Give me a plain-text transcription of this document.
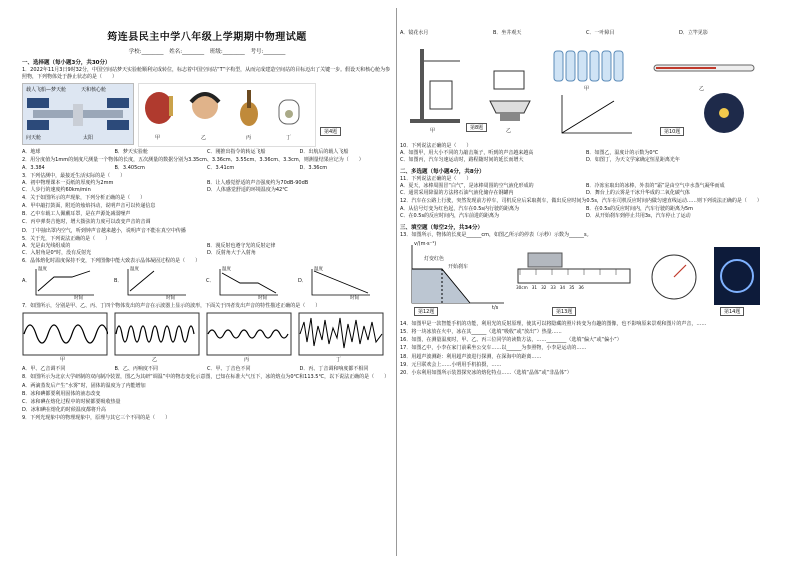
筠连县民主中学八年级上学期期中物理试题
学校:________ 姓名:________ 班级:________ 考号:________
一、选择题（每小题3分，共30分）
1．2022年11月3日9时32分，中国空间站梦天实验舱顺利完成转位，标志着中国空间站“T”字构型，从而完成建造空间站的目标迈出了关键一步。假设天和核心舱为参照物，下列物体处于静止状态的是（　　）
载人飞船—梦天舱	天和核心舱
问天舱	太阳	甲	乙	丙	丁
第4题
A．地球	B．梦天实验舱	C．刚推出指令的转运飞船	D．出航后的载人飞船
2．用分度值为1mm的刻度尺测量一个物体的长度，五次测量的数据分别为3.35cm、3.36cm、3.55cm、3.36cm、3.3cm，则测量结果应记为（　　）
A．3.384	B．3.405cm	C．3.41cm	D．3.36cm
3．下列估测中，最接近生活实际的是（　　）
A．初中物理课本一页纸的厚度约为2mm	B．让人感觉舒适的声音强度约为70dB-90dB
C．人步行的速度约60km/min	D．人体感觉舒适的环境温度为42℃
4．关于如图所示的声现象，下列分析正确的是（　　）
A．甲中敲打鼓面，附近的烛焰抖动，说明声音可以传递信息
B．乙中车载工人佩戴耳罩，是在声源处减弱噪声
C．丙中弹奏吉他时，增大拨弦的力度可以改变声音的音调
D．丁中抽出罩内空气，听到钟声音越来越小，说明声音不能在真空中传播
5．关于光，下列说法正确的是（　　）
A．光是由光线组成的	B．漫反射也遵守光的反射定律
C．入射角是0°时，没有反射光	D．反射角大于入射角
6．晶体熔化时温度保持不变，下列图像中能大致表示晶体凝固过程的是（　　）
A．
温度
时间
B．
温度
时间
C．
温度
时间
D．
温度
时间
7．如图所示，分别是甲、乙、丙、丁四个物体发出的声音在示波器上显示的波形，下面关于四者发出声音的特性描述正确的是（　　）
甲	乙	丙	丁
A．甲、乙音调不同	B．乙、丙响度不同	C．甲、丁音色不同	D．丙、丁音调和响度都不相同
8．如图所示为北京大学研制的双向制冷装置，图乙为其研“调温”中的物态变化示意图，已知在标准大气压下，冰的熔点为0℃和113.5℃，以下说法正确的是（　　）
A．两滴蒸发后产生“水雾”时，固体的温度为了内能增加
B．冰和碘都要利用固体的液态改变
C．冰和碘在熔化过程中的时候都要吸收热量
D．冰和碘在熔化的时候温度都将升高
9．下列光现象中的物理现象中，原理与其它三个不同的是（　　）
A．镜花水月	B．坐井观天	C．一叶障目	D．立竿见影
甲	乙
第8题
甲	乙
第10题
10．下列说法正确的是（　　）
A．如图甲，用大小不同的力敲击瓶子，听到的声音越来越高	B．如图乙，温度计的示数为0℃
C．如图丙，汽车匀速运动时，路程随时间的延长而增大	D．如图丁，为天文学家确定恒星距离光年
二、多选题（每小题4分，共8分）
11．下列说法正确的是（　　）
A．夏天，冰棒周围冒“白气”，是冰棒周围的空气液化形成的	B．冷冻室取出的冰棒，外表的“霜”是由空气中水蒸气凝华而成
C．通常采用降温的方法将石油气液化储存在钢罐内	D．舞台上的云雾是干冰升华成的二氧化碳气体
12．汽车在公路上行驶，突然发现前方停车，司机反应后采取刹车，做出反应时间为0.5s，汽车在司机反应时间内做匀速直线运动……则下列说法正确的是（　　）
A．从信号灯变为红色起，汽车在0.5s内行驶的距离为	B．在0.5s的反应时间内，汽车行驶的距离为5m
C．在0.5s的反应时间内，汽车前进的距离为	D．从开始刹车到停止共用3s，汽车停止了运动
三、填空题（每空2分，共34分）
13．如图所示，物体的长度是______cm，如图乙所示的停表（示秒）示数为______s。
v/(m·s⁻¹)
t/s
灯变红色
开始刹车
第12题
30cm 31 32 33 34 35 36
第13题	第14题
14．如图甲是一款智能手机的功能，利用光的反射原理，使其可以将隐藏的照片转变为有趣的图像，也不影响原来景观和图片的声音，……
15．将一块冰放在火中，冰在其______（选填“吸收”或“放出”）热量……
16．如图，在测量温度时，甲、乙、丙三位同学的读数方法，……________（选填“偏大”或“偏小”）
17．如图乙中，小李在家门前乘坐公交车……以______为参照物，小李是运动的……
18．用超声波测距：利用超声波进行探测，在深海中的距离……
19．元旦联欢会上……小明用手机拍摄，……
20．小东利用如图所示装置探究冰的熔化特点……（选填“晶体”或“非晶体”）
